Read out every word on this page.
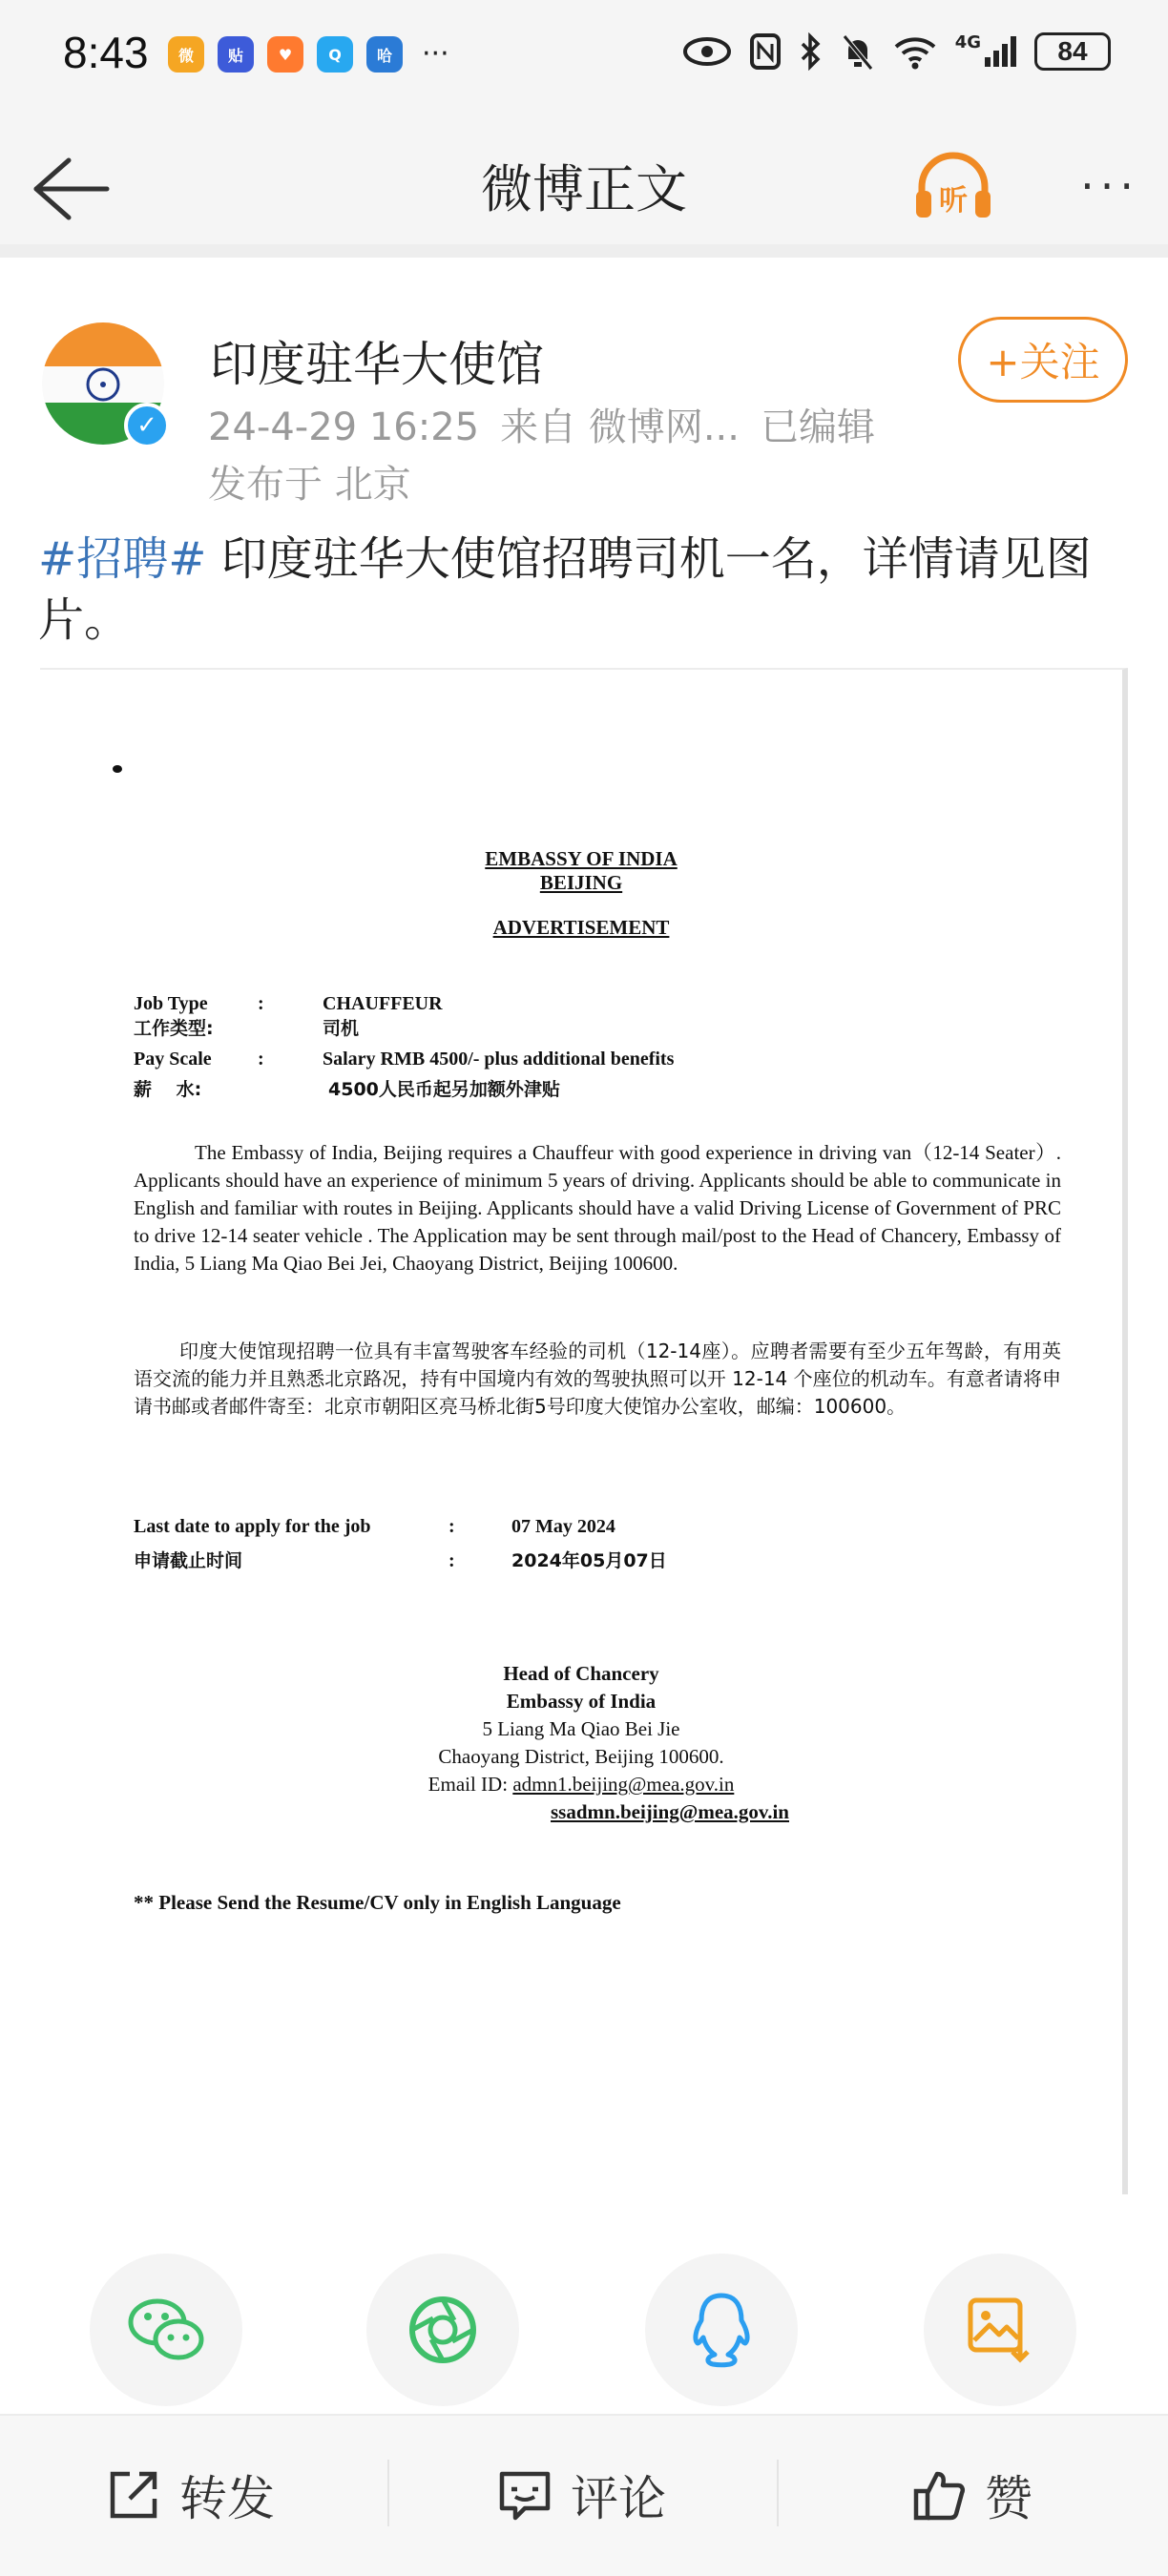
8:43	微	贴	♥	Q	哈	···	4G	84
微博正文	听	···
✓
印度驻华大使馆
24-4-29 16:25 来自 微博网... 已编辑
发布于 北京
+关注
#招聘# 印度驻华大使馆招聘司机一名，详情请见图片。
EMBASSY OF INDIA
BEIJING
ADVERTISEMENT
Job Type	:	CHAUFFEUR
工作类型:	司机
Pay Scale :	Salary RMB 4500/- plus additional benefits
薪　 水:	4500人民币起另加额外津贴
The Embassy of India, Beijing requires a Chauffeur with good experience in driving van（12-14 Seater）. Applicants should have an experience of minimum 5 years of driving. Applicants should be able to communicate in English and familiar with routes in Beijing. Applicants should have a valid Driving License of Government of PRC to drive 12-14 seater vehicle . The Application may be sent through mail/post to the Head of Chancery, Embassy of India, 5 Liang Ma Qiao Bei Jei, Chaoyang District, Beijing 100600.
印度大使馆现招聘一位具有丰富驾驶客车经验的司机（12-14座）。应聘者需要有至少五年驾龄，有用英语交流的能力并且熟悉北京路况，持有中国境内有效的驾驶执照可以开 12-14 个座位的机动车。有意者请将申请书邮或者邮件寄至：北京市朝阳区亮马桥北街5号印度大使馆办公室收，邮编：100600。
Last date to apply for the job	:	07 May 2024
申请截止时间	:	2024年05月07日
Head of Chancery
Embassy of India
5 Liang Ma Qiao Bei Jie
Chaoyang District, Beijing 100600.
Email ID: admn1.beijing@mea.gov.in
ssadmn.beijing@mea.gov.in
** Please Send the Resume/CV only in English Language
转发	评论	赞
